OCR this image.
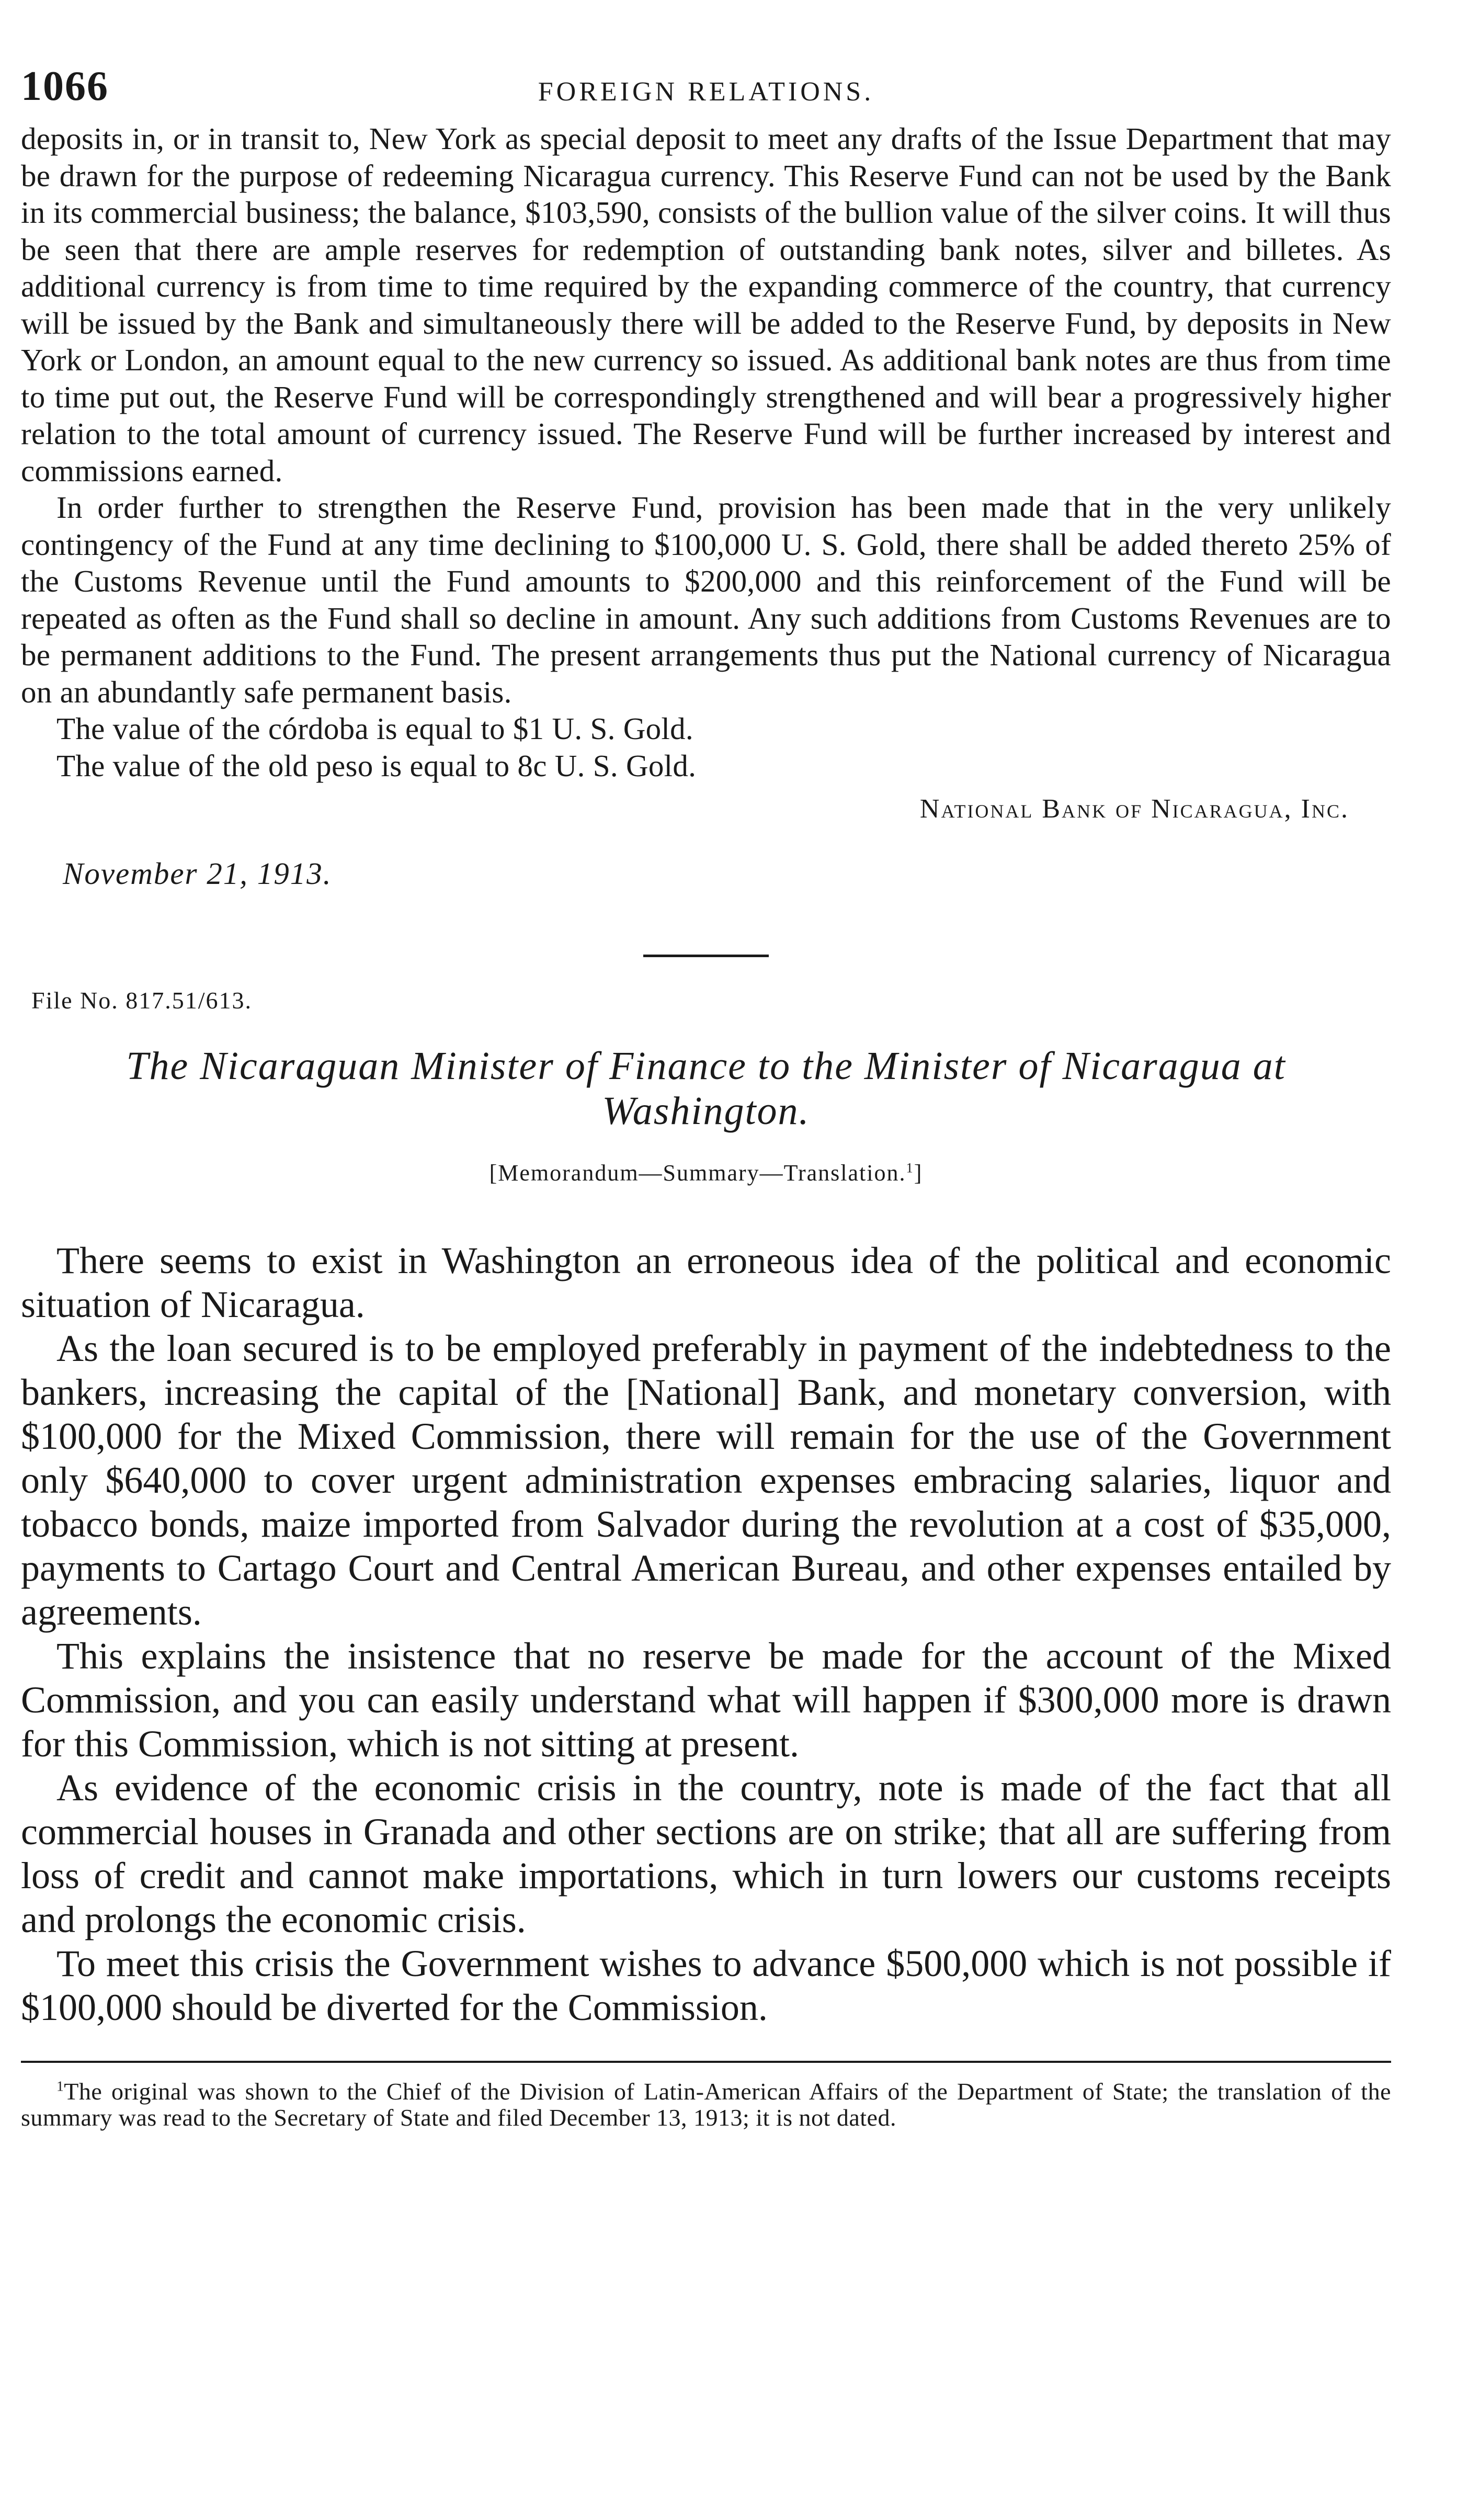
1066	FOREIGN RELATIONS.

deposits in, or in transit to, New York as special deposit to meet any drafts of the Issue Department that may be drawn for the purpose of redeeming Nicaragua currency. This Reserve Fund can not be used by the Bank in its commercial business; the balance, $103,590, consists of the bullion value of the silver coins. It will thus be seen that there are ample reserves for redemption of outstanding bank notes, silver and billetes. As additional currency is from time to time required by the expanding commerce of the country, that currency will be issued by the Bank and simultaneously there will be added to the Reserve Fund, by deposits in New York or London, an amount equal to the new currency so issued. As additional bank notes are thus from time to time put out, the Reserve Fund will be correspondingly strengthened and will bear a progressively higher relation to the total amount of currency issued. The Reserve Fund will be further increased by interest and commissions earned.

In order further to strengthen the Reserve Fund, provision has been made that in the very unlikely contingency of the Fund at any time declining to $100,000 U. S. Gold, there shall be added thereto 25% of the Customs Revenue until the Fund amounts to $200,000 and this reinforcement of the Fund will be repeated as often as the Fund shall so decline in amount. Any such additions from Customs Revenues are to be permanent additions to the Fund. The present arrangements thus put the National currency of Nicaragua on an abundantly safe permanent basis.

The value of the córdoba is equal to $1 U. S. Gold.

The value of the old peso is equal to 8c U. S. Gold.

National Bank of Nicaragua, Inc.
November 21, 1913.
File No. 817.51/613.
The Nicaraguan Minister of Finance to the Minister of Nicaragua at Washington.
[Memorandum—Summary—Translation.$^1$]

There seems to exist in Washington an erroneous idea of the political and economic situation of Nicaragua.

As the loan secured is to be employed preferably in payment of the indebtedness to the bankers, increasing the capital of the [National] Bank, and monetary conversion, with $100,000 for the Mixed Commission, there will remain for the use of the Government only $640,000 to cover urgent administration expenses embracing salaries, liquor and tobacco bonds, maize imported from Salvador during the revolution at a cost of $35,000, payments to Cartago Court and Central American Bureau, and other expenses entailed by agreements.

This explains the insistence that no reserve be made for the account of the Mixed Commission, and you can easily understand what will happen if $300,000 more is drawn for this Commission, which is not sitting at present.

As evidence of the economic crisis in the country, note is made of the fact that all commercial houses in Granada and other sections are on strike; that all are suffering from loss of credit and cannot make importations, which in turn lowers our customs receipts and prolongs the economic crisis.

To meet this crisis the Government wishes to advance $500,000 which is not possible if $100,000 should be diverted for the Commission.

$^1$The original was shown to the Chief of the Division of Latin-American Affairs of the Department of State; the translation of the summary was read to the Secretary of State and filed December 13, 1913; it is not dated.
